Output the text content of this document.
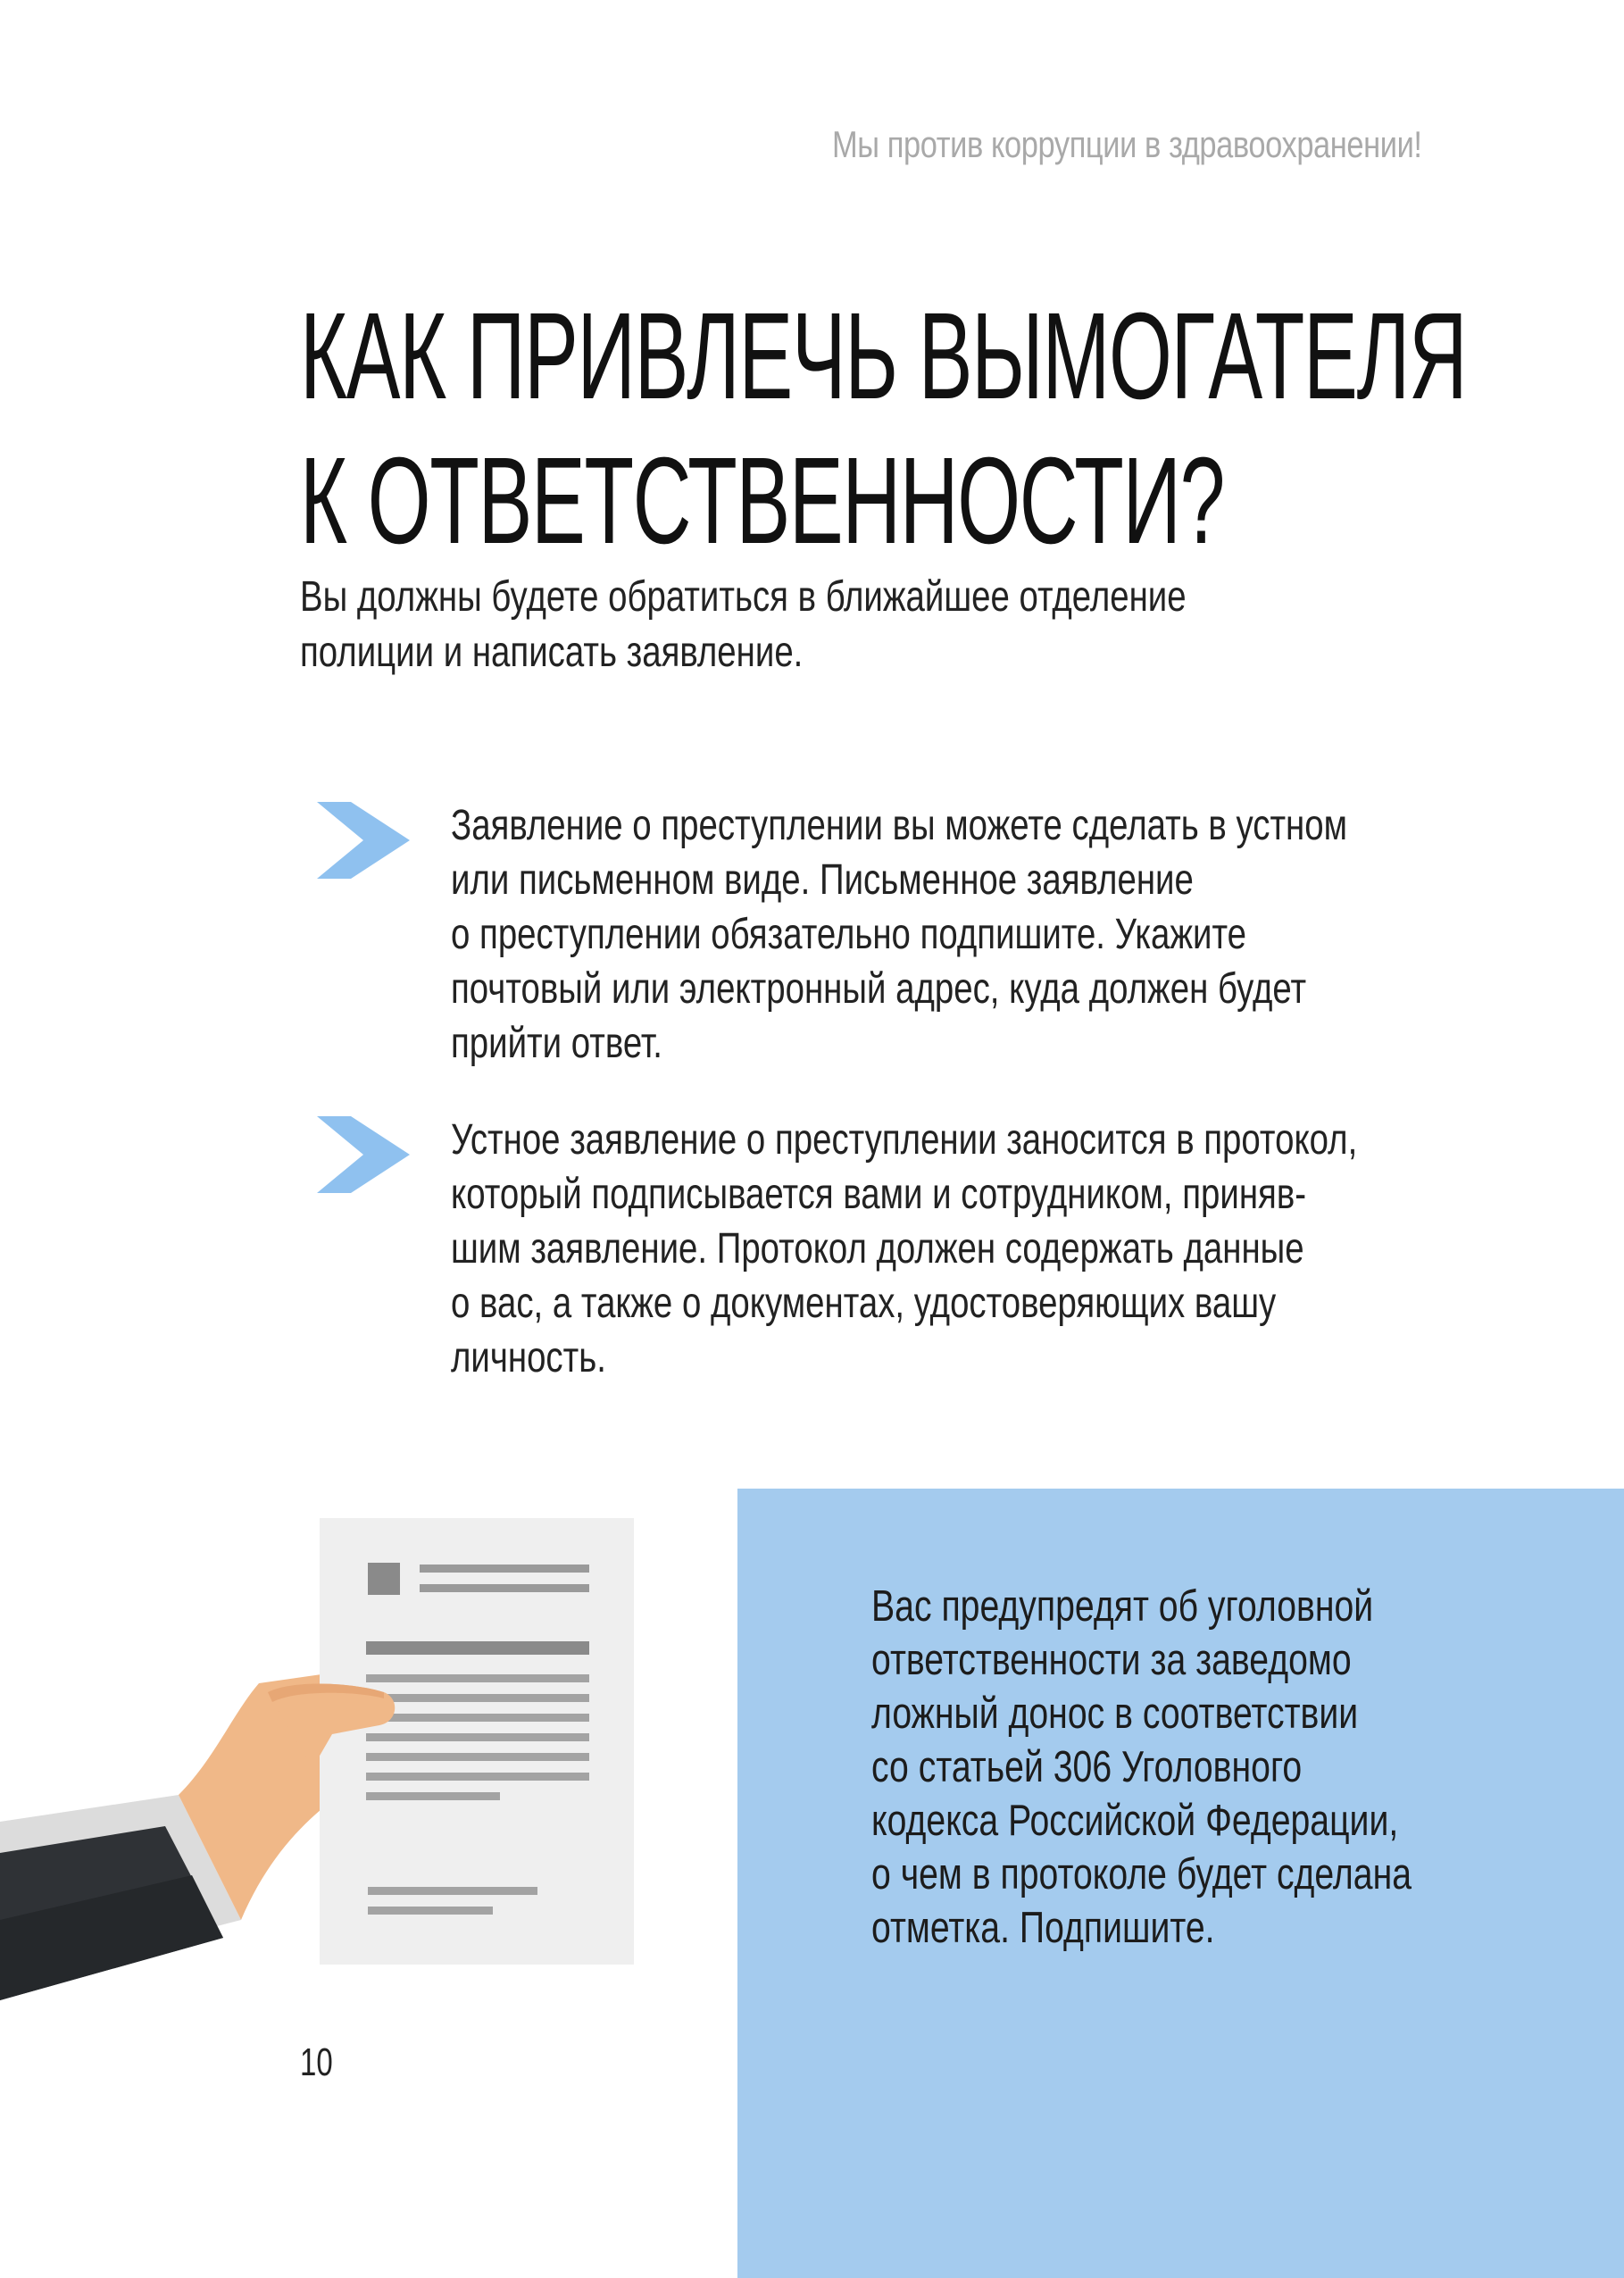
Мы против коррупции в здравоохранении!
КАК ПРИВЛЕЧЬ ВЫМОГАТЕЛЯ
К ОТВЕТСТВЕННОСТИ?
Вы должны будете обратиться в ближайшее отделение
полиции и написать заявление.
Заявление о преступлении вы можете сделать в устном
или письменном виде. Письменное заявление
о преступлении обязательно подпишите. Укажите
почтовый или электронный адрес, куда должен будет
прийти ответ.
Устное заявление о преступлении заносится в протокол,
который подписывается вами и сотрудником, приняв-
шим заявление. Протокол должен содержать данные
о вас, а также о документах, удостоверяющих вашу
личность.
Вас предупредят об уголовной
ответственности за заведомо
ложный донос в соответствии
со статьей 306 Уголовного
кодекса Российской Федерации,
о чем в протоколе будет сделана
отметка. Подпишите.
10
